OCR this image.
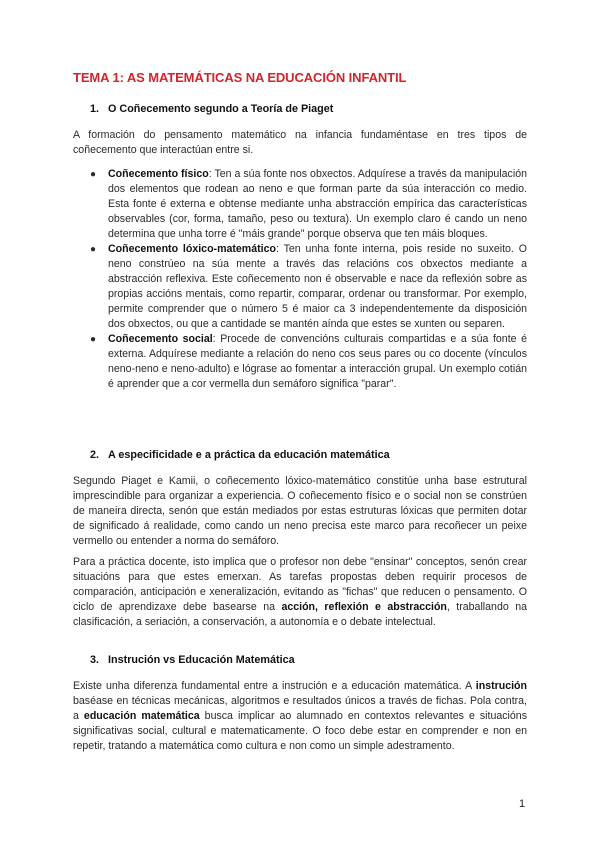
TEMA 1: AS MATEMÁTICAS NA EDUCACIÓN INFANTIL
1. O Coñecemento segundo a Teoría de Piaget
A formación do pensamento matemático na infancia fundaméntase en tres tipos de coñecemento que interactúan entre si.
● Coñecemento físico: Ten a súa fonte nos obxectos. Adquírese a través da manipulación dos elementos que rodean ao neno e que forman parte da súa interacción co medio. Esta fonte é externa e obtense mediante unha abstracción empírica das características observables (cor, forma, tamaño, peso ou textura). Un exemplo claro é cando un neno determina que unha torre é "máis grande" porque observa que ten máis bloques.
● Coñecemento lóxico-matemático: Ten unha fonte interna, pois reside no suxeito. O neno constrúeo na súa mente a través das relacións cos obxectos mediante a abstracción reflexiva. Este coñecemento non é observable e nace da reflexión sobre as propias accións mentais, como repartir, comparar, ordenar ou transformar. Por exemplo, permite comprender que o número 5 é maior ca 3 independentemente da disposición dos obxectos, ou que a cantidade se mantén aínda que estes se xunten ou separen.
● Coñecemento social: Procede de convencións culturais compartidas e a súa fonte é externa. Adquírese mediante a relación do neno cos seus pares ou co docente (vínculos neno-neno e neno-adulto) e lógrase ao fomentar a interacción grupal. Un exemplo cotián é aprender que a cor vermella dun semáforo significa "parar".
2. A especificidade e a práctica da educación matemática
Segundo Piaget e Kamii, o coñecemento lóxico-matemático constitúe unha base estrutural imprescindible para organizar a experiencia. O coñecemento físico e o social non se constrúen de maneira directa, senón que están mediados por estas estruturas lóxicas que permiten dotar de significado á realidade, como cando un neno precisa este marco para recoñecer un peixe vermello ou entender a norma do semáforo.
Para a práctica docente, isto implica que o profesor non debe "ensinar" conceptos, senón crear situacións para que estes emerxan. As tarefas propostas deben requirir procesos de comparación, anticipación e xeneralización, evitando as "fichas" que reducen o pensamento. O ciclo de aprendizaxe debe basearse na acción, reflexión e abstracción, traballando na clasificación, a seriación, a conservación, a autonomía e o debate intelectual.
3. Instrución vs Educación Matemática
Existe unha diferenza fundamental entre a instrución e a educación matemática. A instrución baséase en técnicas mecánicas, algoritmos e resultados únicos a través de fichas. Pola contra, a educación matemática busca implicar ao alumnado en contextos relevantes e situacións significativas social, cultural e matematicamente. O foco debe estar en comprender e non en repetir, tratando a matemática como cultura e non como un simple adestramento.
1
